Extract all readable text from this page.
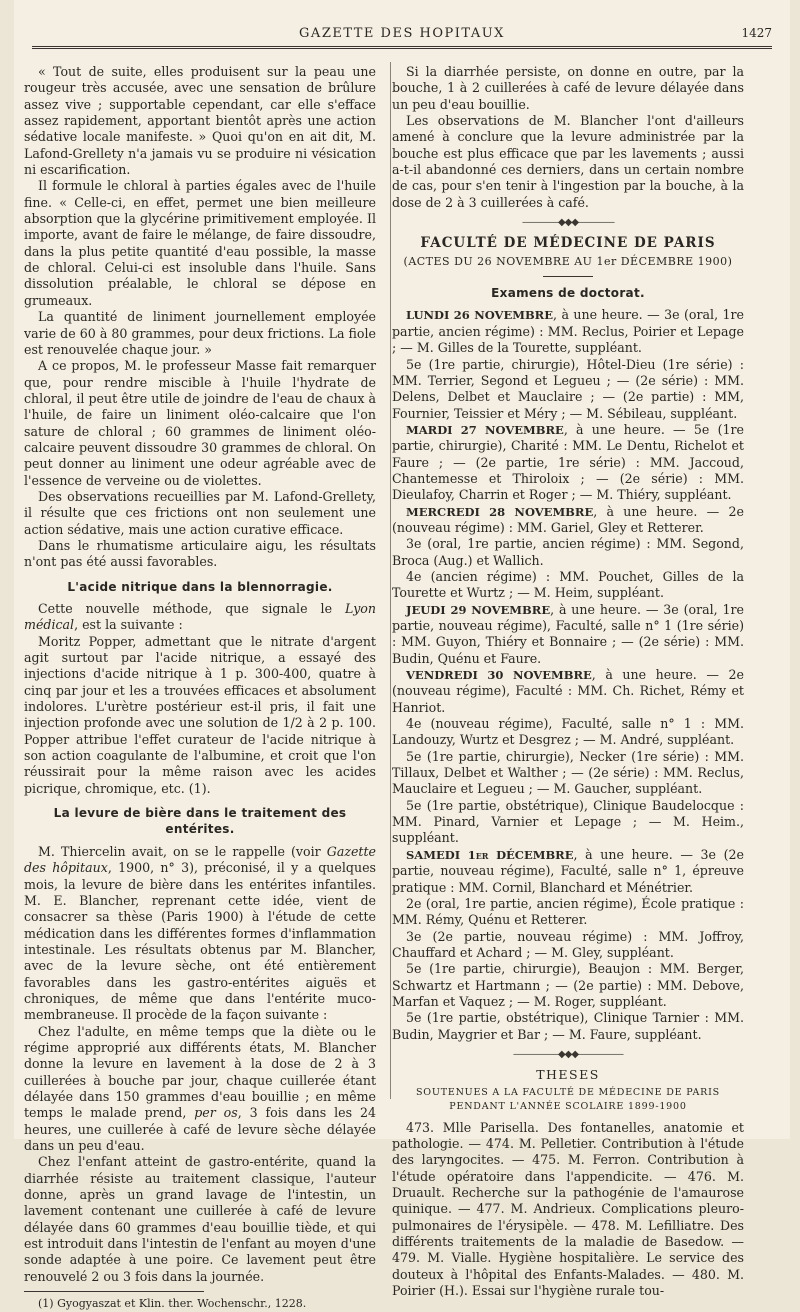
GAZETTE DES HOPITAUX	1427

« Tout de suite, elles produisent sur la peau une rougeur très accusée, avec une sensation de brûlure assez vive ; supportable cependant, car elle s'efface assez rapidement, apportant bientôt après une action sédative locale manifeste. » Quoi qu'on en ait dit, M. Lafond-Grellety n'a jamais vu se produire ni vésication ni escarification.

Il formule le chloral à parties égales avec de l'huile fine. « Celle-ci, en effet, permet une bien meilleure absorption que la glycérine primitivement employée. Il importe, avant de faire le mélange, de faire dissoudre, dans la plus petite quantité d'eau possible, la masse de chloral. Celui-ci est insoluble dans l'huile. Sans dissolution préalable, le chloral se dépose en grumeaux.

La quantité de liniment journellement employée varie de 60 à 80 grammes, pour deux frictions. La fiole est renouvelée chaque jour. »

A ce propos, M. le professeur Masse fait remarquer que, pour rendre miscible à l'huile l'hydrate de chloral, il peut être utile de joindre de l'eau de chaux à l'huile, de faire un liniment oléo-calcaire que l'on sature de chloral ; 60 grammes de liniment oléo-calcaire peuvent dissoudre 30 grammes de chloral. On peut donner au liniment une odeur agréable avec de l'essence de verveine ou de violettes.

Des observations recueillies par M. Lafond-Grellety, il résulte que ces frictions ont non seulement une action sédative, mais une action curative efficace.

Dans le rhumatisme articulaire aigu, les résultats n'ont pas été aussi favorables.

L'acide nitrique dans la blennorragie.

Cette nouvelle méthode, que signale le Lyon médical, est la suivante :

Moritz Popper, admettant que le nitrate d'argent agit surtout par l'acide nitrique, a essayé des injections d'acide nitrique à 1 p. 300-400, quatre à cinq par jour et les a trouvées efficaces et absolument indolores. L'urètre postérieur est-il pris, il fait une injection profonde avec une solution de 1/2 à 2 p. 100. Popper attribue l'effet curateur de l'acide nitrique à son action coagulante de l'albumine, et croit que l'on réussirait pour la même raison avec les acides picrique, chromique, etc. (1).

La levure de bière dans le traitement des entérites.

M. Thiercelin avait, on se le rappelle (voir Gazette des hôpitaux, 1900, n° 3), préconisé, il y a quelques mois, la levure de bière dans les entérites infantiles. M. E. Blancher, reprenant cette idée, vient de consacrer sa thèse (Paris 1900) à l'étude de cette médication dans les différentes formes d'inflammation intestinale. Les résultats obtenus par M. Blancher, avec de la levure sèche, ont été entièrement favorables dans les gastro-entérites aiguës et chroniques, de même que dans l'entérite muco-membraneuse. Il procède de la façon suivante :

Chez l'adulte, en même temps que la diète ou le régime approprié aux différents états, M. Blancher donne la levure en lavement à la dose de 2 à 3 cuillerées à bouche par jour, chaque cuillerée étant délayée dans 150 grammes d'eau bouillie ; en même temps le malade prend, per os, 3 fois dans les 24 heures, une cuillerée à café de levure sèche délayée dans un peu d'eau.

Chez l'enfant atteint de gastro-entérite, quand la diarrhée résiste au traitement classique, l'auteur donne, après un grand lavage de l'intestin, un lavement contenant une cuillerée à café de levure délayée dans 60 grammes d'eau bouillie tiède, et qui est introduit dans l'intestin de l'enfant au moyen d'une sonde adaptée à une poire. Ce lavement peut être renouvelé 2 ou 3 fois dans la journée.

(1) Gyogyaszat et Klin. ther. Wochenschr., 1228.

Si la diarrhée persiste, on donne en outre, par la bouche, 1 à 2 cuillerées à café de levure délayée dans un peu d'eau bouillie.

Les observations de M. Blancher l'ont d'ailleurs amené à conclure que la levure administrée par la bouche est plus efficace que par les lavements ; aussi a-t-il abandonné ces derniers, dans un certain nombre de cas, pour s'en tenir à l'ingestion par la bouche, à la dose de 2 à 3 cuillerées à café.

————◆◆◆————
FACULTÉ DE MÉDECINE DE PARIS
(ACTES DU 26 NOVEMBRE AU 1er DÉCEMBRE 1900)
Examens de doctorat.

LUNDI 26 NOVEMBRE, à une heure. — 3e (oral, 1re partie, ancien régime) : MM. Reclus, Poirier et Lepage ; — M. Gilles de la Tourette, suppléant.

5e (1re partie, chirurgie), Hôtel-Dieu (1re série) : MM. Terrier, Segond et Legueu ; — (2e série) : MM. Delens, Delbet et Mauclaire ; — (2e partie) : MM, Fournier, Teissier et Méry ; — M. Sébileau, suppléant.

MARDI 27 NOVEMBRE, à une heure. — 5e (1re partie, chirurgie), Charité : MM. Le Dentu, Richelot et Faure ; — (2e partie, 1re série) : MM. Jaccoud, Chantemesse et Thiroloix ; — (2e série) : MM. Dieulafoy, Charrin et Roger ; — M. Thiéry, suppléant.

MERCREDI 28 NOVEMBRE, à une heure. — 2e (nouveau régime) : MM. Gariel, Gley et Retterer.

3e (oral, 1re partie, ancien régime) : MM. Segond, Broca (Aug.) et Wallich.

4e (ancien régime) : MM. Pouchet, Gilles de la Tourette et Wurtz ; — M. Heim, suppléant.

JEUDI 29 NOVEMBRE, à une heure. — 3e (oral, 1re partie, nouveau régime), Faculté, salle n° 1 (1re série) : MM. Guyon, Thiéry et Bonnaire ; — (2e série) : MM. Budin, Quénu et Faure.

VENDREDI 30 NOVEMBRE, à une heure. — 2e (nouveau régime), Faculté : MM. Ch. Richet, Rémy et Hanriot.

4e (nouveau régime), Faculté, salle n° 1 : MM. Landouzy, Wurtz et Desgrez ; — M. André, suppléant.

5e (1re partie, chirurgie), Necker (1re série) : MM. Tillaux, Delbet et Walther ; — (2e série) : MM. Reclus, Mauclaire et Legueu ; — M. Gaucher, suppléant.

5e (1re partie, obstétrique), Clinique Baudelocque : MM. Pinard, Varnier et Lepage ; — M. Heim., suppléant.

SAMEDI 1er DÉCEMBRE, à une heure. — 3e (2e partie, nouveau régime), Faculté, salle n° 1, épreuve pratique : MM. Cornil, Blanchard et Ménétrier.

2e (oral, 1re partie, ancien régime), École pratique : MM. Rémy, Quénu et Retterer.

3e (2e partie, nouveau régime) : MM. Joffroy, Chauffard et Achard ; — M. Gley, suppléant.

5e (1re partie, chirurgie), Beaujon : MM. Berger, Schwartz et Hartmann ; — (2e partie) : MM. Debove, Marfan et Vaquez ; — M. Roger, suppléant.

5e (1re partie, obstétrique), Clinique Tarnier : MM. Budin, Maygrier et Bar ; — M. Faure, suppléant.

—————◆◆◆—————
THESES
SOUTENUES A LA FACULTÉ DE MÉDECINE DE PARIS
PENDANT L'ANNÉE SCOLAIRE 1899-1900

473. Mlle Parisella. Des fontanelles, anatomie et pathologie. — 474. M. Pelletier. Contribution à l'étude des laryngocites. — 475. M. Ferron. Contribution à l'étude opératoire dans l'appendicite. — 476. M. Druault. Recherche sur la pathogénie de l'amaurose quinique. — 477. M. Andrieux. Complications pleuro-pulmonaires de l'érysipèle. — 478. M. Lefilliatre. Des différents traitements de la maladie de Basedow. — 479. M. Vialle. Hygiène hospitalière. Le service des douteux à l'hôpital des Enfants-Malades. — 480. M. Poirier (H.). Essai sur l'hygiène rurale tou-
